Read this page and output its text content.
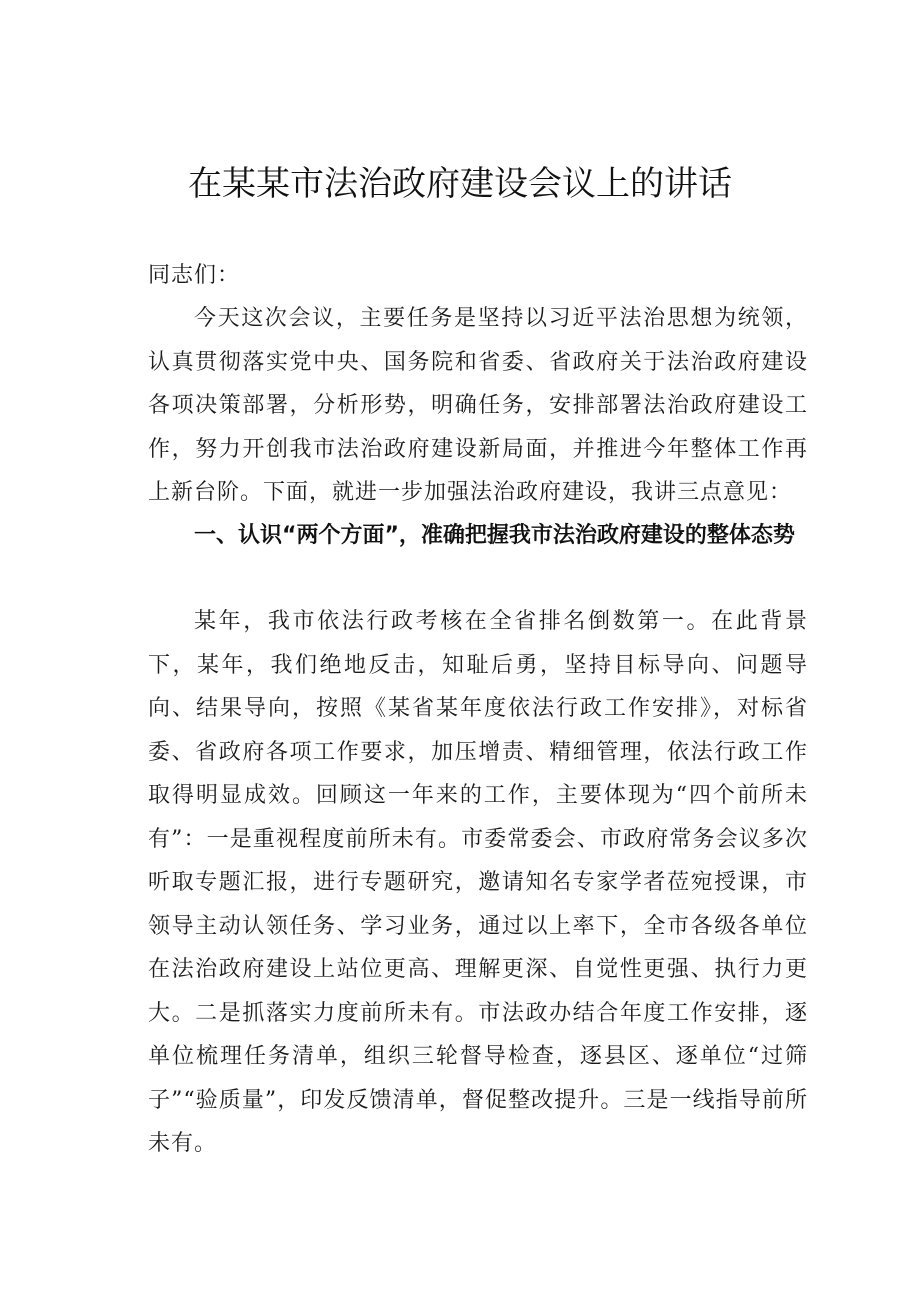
在某某市法治政府建设会议上的讲话

同志们：

今天这次会议，主要任务是坚持以习近平法治思想为统领，认真贯彻落实党中央、国务院和省委、省政府关于法治政府建设各项决策部署，分析形势，明确任务，安排部署法治政府建设工作，努力开创我市法治政府建设新局面，并推进今年整体工作再上新台阶。下面，就进一步加强法治政府建设，我讲三点意见：

一、认识“两个方面”，准确把握我市法治政府建设的整体态势

某年，我市依法行政考核在全省排名倒数第一。在此背景下，某年，我们绝地反击，知耻后勇，坚持目标导向、问题导向、结果导向，按照《某省某年度依法行政工作安排》，对标省委、省政府各项工作要求，加压增责、精细管理，依法行政工作取得明显成效。回顾这一年来的工作，主要体现为“四个前所未有”：一是重视程度前所未有。市委常委会、市政府常务会议多次听取专题汇报，进行专题研究，邀请知名专家学者莅宛授课，市领导主动认领任务、学习业务，通过以上率下，全市各级各单位在法治政府建设上站位更高、理解更深、自觉性更强、执行力更大。二是抓落实力度前所未有。市法政办结合年度工作安排，逐单位梳理任务清单，组织三轮督导检查，逐县区、逐单位“过筛子”“验质量”，印发反馈清单，督促整改提升。三是一线指导前所未有。
